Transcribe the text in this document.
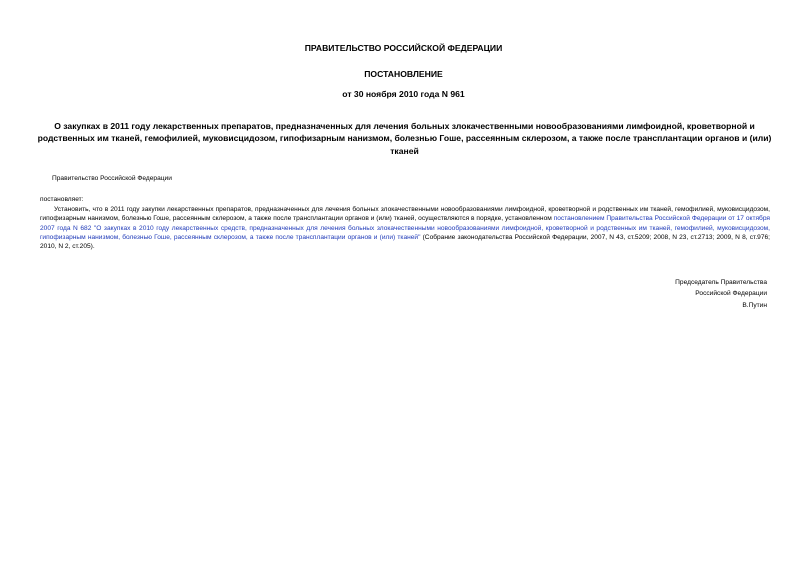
ПРАВИТЕЛЬСТВО РОССИЙСКОЙ ФЕДЕРАЦИИ
ПОСТАНОВЛЕНИЕ
от 30 ноября 2010 года N 961
О закупках в 2011 году лекарственных препаратов, предназначенных для лечения больных злокачественными новообразованиями лимфоидной, кроветворной и родственных им тканей, гемофилией, муковисцидозом, гипофизарным нанизмом, болезнью Гоше, рассеянным склерозом, а также после трансплантации органов и (или) тканей
Правительство Российской Федерации
постановляет:
Установить, что в 2011 году закупки лекарственных препаратов, предназначенных для лечения больных злокачественными новообразованиями лимфоидной, кроветворной и родственных им тканей, гемофилией, муковисцидозом, гипофизарным нанизмом, болезнью Гоше, рассеянным склерозом, а также после трансплантации органов и (или) тканей, осуществляются в порядке, установленном постановлением Правительства Российской Федерации от 17 октября 2007 года N 682 "О закупках в 2010 году лекарственных средств, предназначенных для лечения больных злокачественными новообразованиями лимфоидной, кроветворной и родственных им тканей, гемофилией, муковисцидозом, гипофизарным нанизмом, болезнью Гоше, рассеянным склерозом, а также после трансплантации органов и (или) тканей" (Собрание законодательства Российской Федерации, 2007, N 43, ст.5209; 2008, N 23, ст.2713; 2009, N 8, ст.976; 2010, N 2, ст.205).
Председатель Правительства
Российской Федерации
В.Путин
